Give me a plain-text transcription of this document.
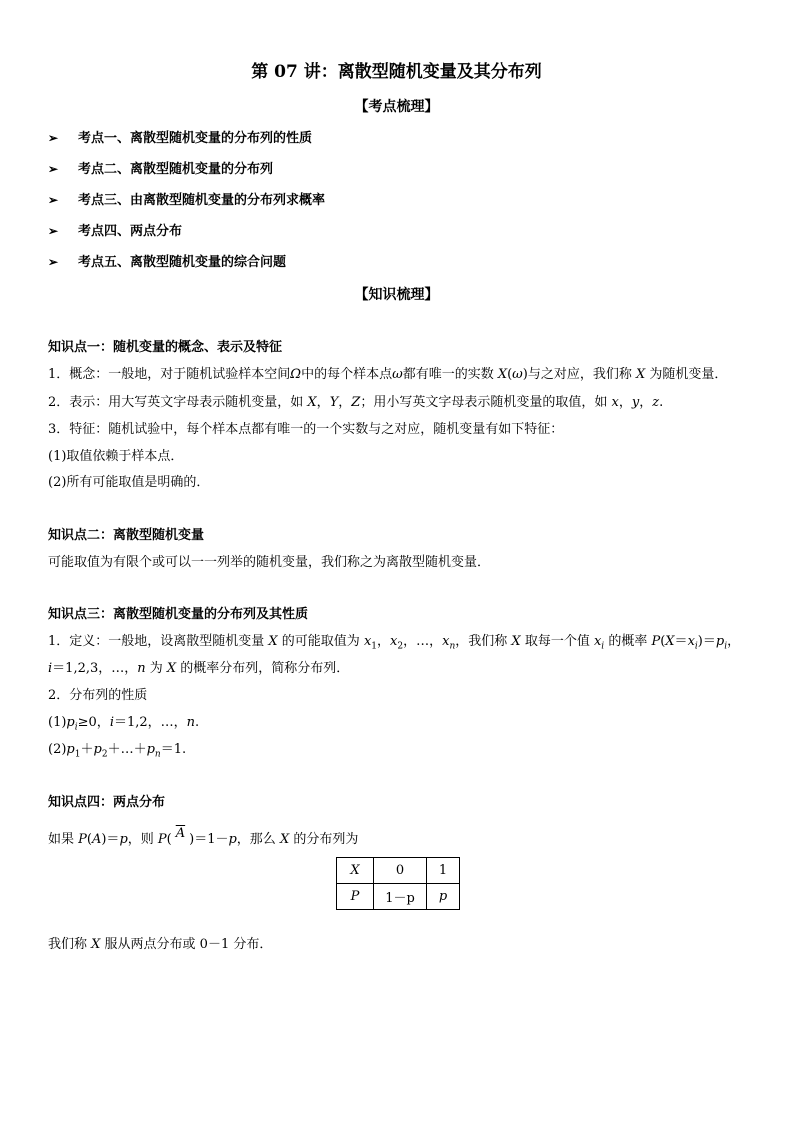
第 07 讲：离散型随机变量及其分布列
【考点梳理】
➢ 考点一、离散型随机变量的分布列的性质
➢ 考点二、离散型随机变量的分布列
➢ 考点三、由离散型随机变量的分布列求概率
➢ 考点四、两点分布
➢ 考点五、离散型随机变量的综合问题
【知识梳理】
知识点一：随机变量的概念、表示及特征
1．概念：一般地，对于随机试验样本空间Ω中的每个样本点ω都有唯一的实数 X(ω)与之对应，我们称 X 为随机变量．
2．表示：用大写英文字母表示随机变量，如 X，Y，Z；用小写英文字母表示随机变量的取值，如 x，y，z.
3．特征：随机试验中，每个样本点都有唯一的一个实数与之对应，随机变量有如下特征：
(1)取值依赖于样本点．
(2)所有可能取值是明确的．
知识点二：离散型随机变量
可能取值为有限个或可以一一列举的随机变量，我们称之为离散型随机变量．
知识点三：离散型随机变量的分布列及其性质
1．定义：一般地，设离散型随机变量 X 的可能取值为 $x_1$，$x_2$，…，$x_n$，我们称 X 取每一个值 $x_i$ 的概率 $P(X=x_i)=p_i$，
i＝1,2,3，…，n 为 X 的概率分布列，简称分布列．
2．分布列的性质
$(1)p_i\ge 0$，i＝1,2，…，n.
$(2)p_1+p_2+\dots+p_n=1$.
知识点四：两点分布
如果 P(A)＝p，则 P( $\overline{A}$ )＝1－p，那么 X 的分布列为
X	0	1
P	1－p	p
我们称 X 服从两点分布或 0－1 分布．
